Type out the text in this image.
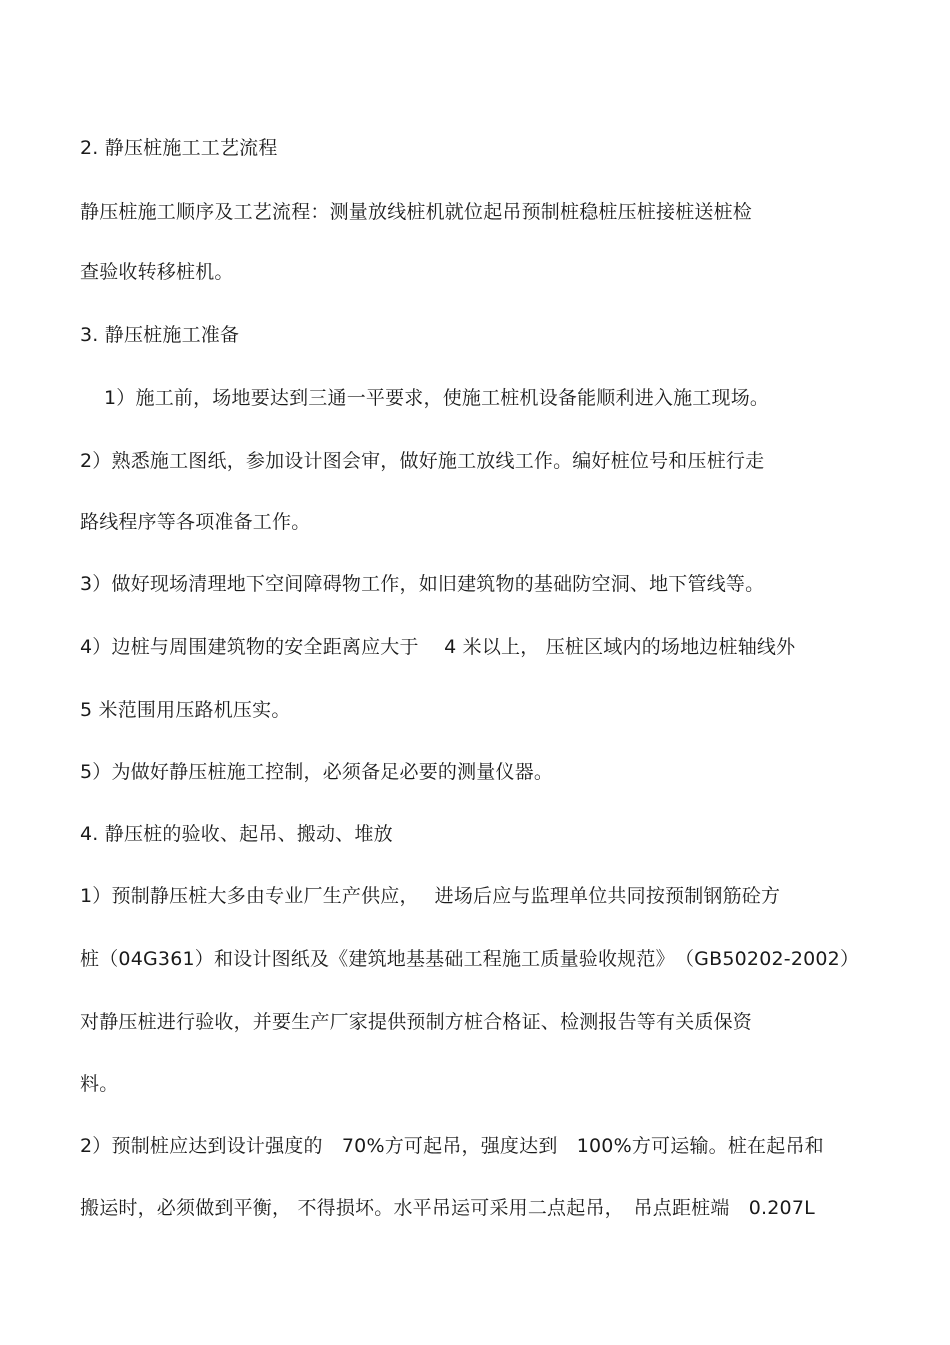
2. 静压桩施工工艺流程
静压桩施工顺序及工艺流程：测量放线桩机就位起吊预制桩稳桩压桩接桩送桩检
查验收转移桩机。
3. 静压桩施工准备
1）施工前，场地要达到三通一平要求，使施工桩机设备能顺利进入施工现场。
2）熟悉施工图纸，参加设计图会审，做好施工放线工作。编好桩位号和压桩行走
路线程序等各项准备工作。
3）做好现场清理地下空间障碍物工作，如旧建筑物的基础防空洞、地下管线等。
4）边桩与周围建筑物的安全距离应大于　 4 米以上， 压桩区域内的场地边桩轴线外
5 米范围用压路机压实。
5）为做好静压桩施工控制，必须备足必要的测量仪器。
4. 静压桩的验收、起吊、搬动、堆放
1）预制静压桩大多由专业厂生产供应，　 进场后应与监理单位共同按预制钢筋砼方
桩（04G361）和设计图纸及《建筑地基基础工程施工质量验收规范》　（GB50202-2002）
对静压桩进行验收，并要生产厂家提供预制方桩合格证、检测报告等有关质保资
料。
2）预制桩应达到设计强度的　70%方可起吊，强度达到　100%方可运输。桩在起吊和
搬运时，必须做到平衡， 不得损坏。水平吊运可采用二点起吊，　吊点距桩端　0.207L
